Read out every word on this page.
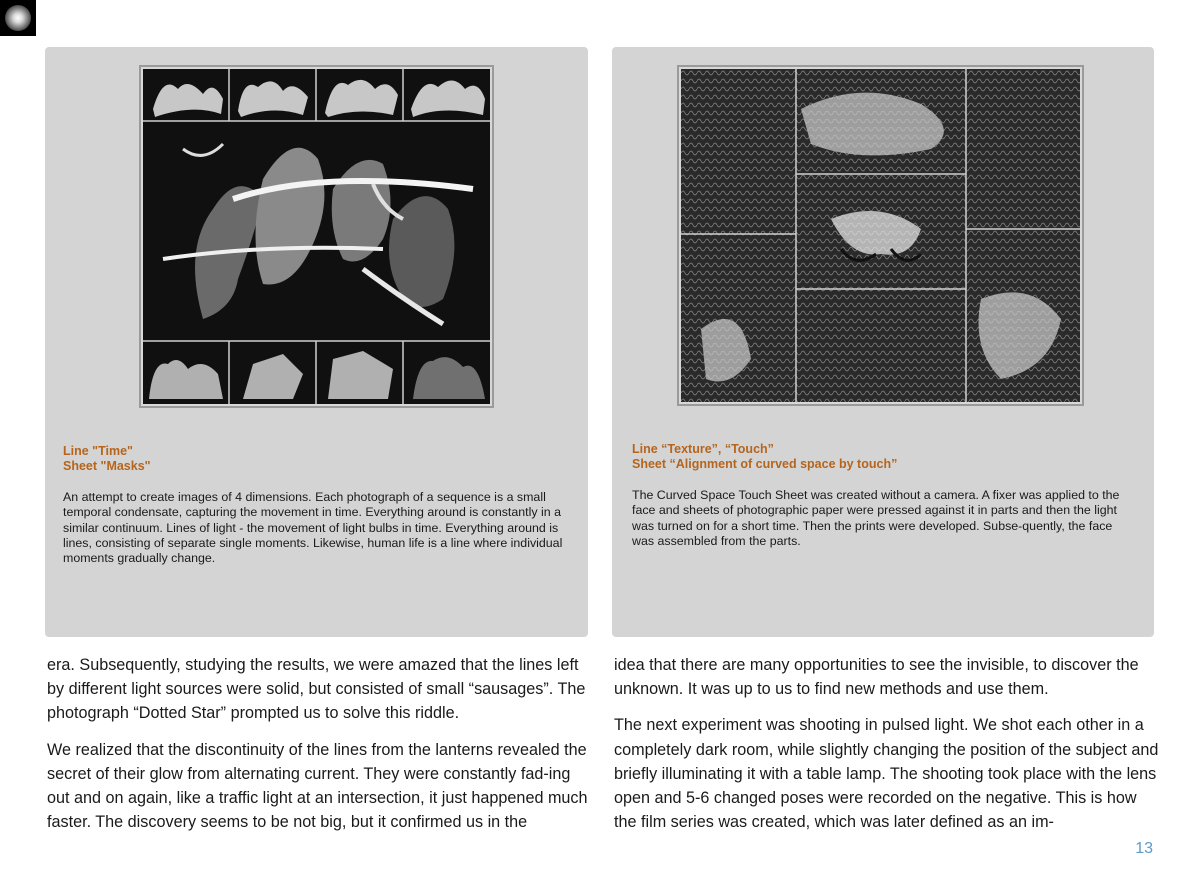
Line "Time"
Sheet "Masks"
An attempt to create images of 4 dimensions. Each photograph of a sequence is a small temporal condensate, capturing the movement in time. Everything around is constantly in a similar continuum. Lines of light - the movement of light bulbs in time. Everything around is lines, consisting of separate single moments. Likewise, human life is a line where individual moments gradually change.
Line “Texture”, “Touch”
Sheet “Alignment of curved space by touch”
The Curved Space Touch Sheet was created without a camera. A fixer was applied to the face and sheets of photographic paper were pressed against it in parts and then the light was turned on for a short time. Then the prints were developed. Subse-quently, the face was assembled from the parts.

era. Subsequently, studying the results, we were amazed that the lines left by different light sources were solid, but consisted of small “sausages”. The photograph “Dotted Star” prompted us to solve this riddle.

We realized that the discontinuity of the lines from the lanterns revealed the secret of their glow from alternating current. They were constantly fad-ing out and on again, like a traffic light at an intersection, it just happened much faster. The discovery seems to be not big, but it confirmed us in the

idea that there are many opportunities to see the invisible, to discover the unknown. It was up to us to find new methods and use them.

The next experiment was shooting in pulsed light. We shot each other in a completely dark room, while slightly changing the position of the subject and briefly illuminating it with a table lamp. The shooting took place with the lens open and 5-6 changed poses were recorded on the negative. This is how the film series was created, which was later defined as an im-

13
